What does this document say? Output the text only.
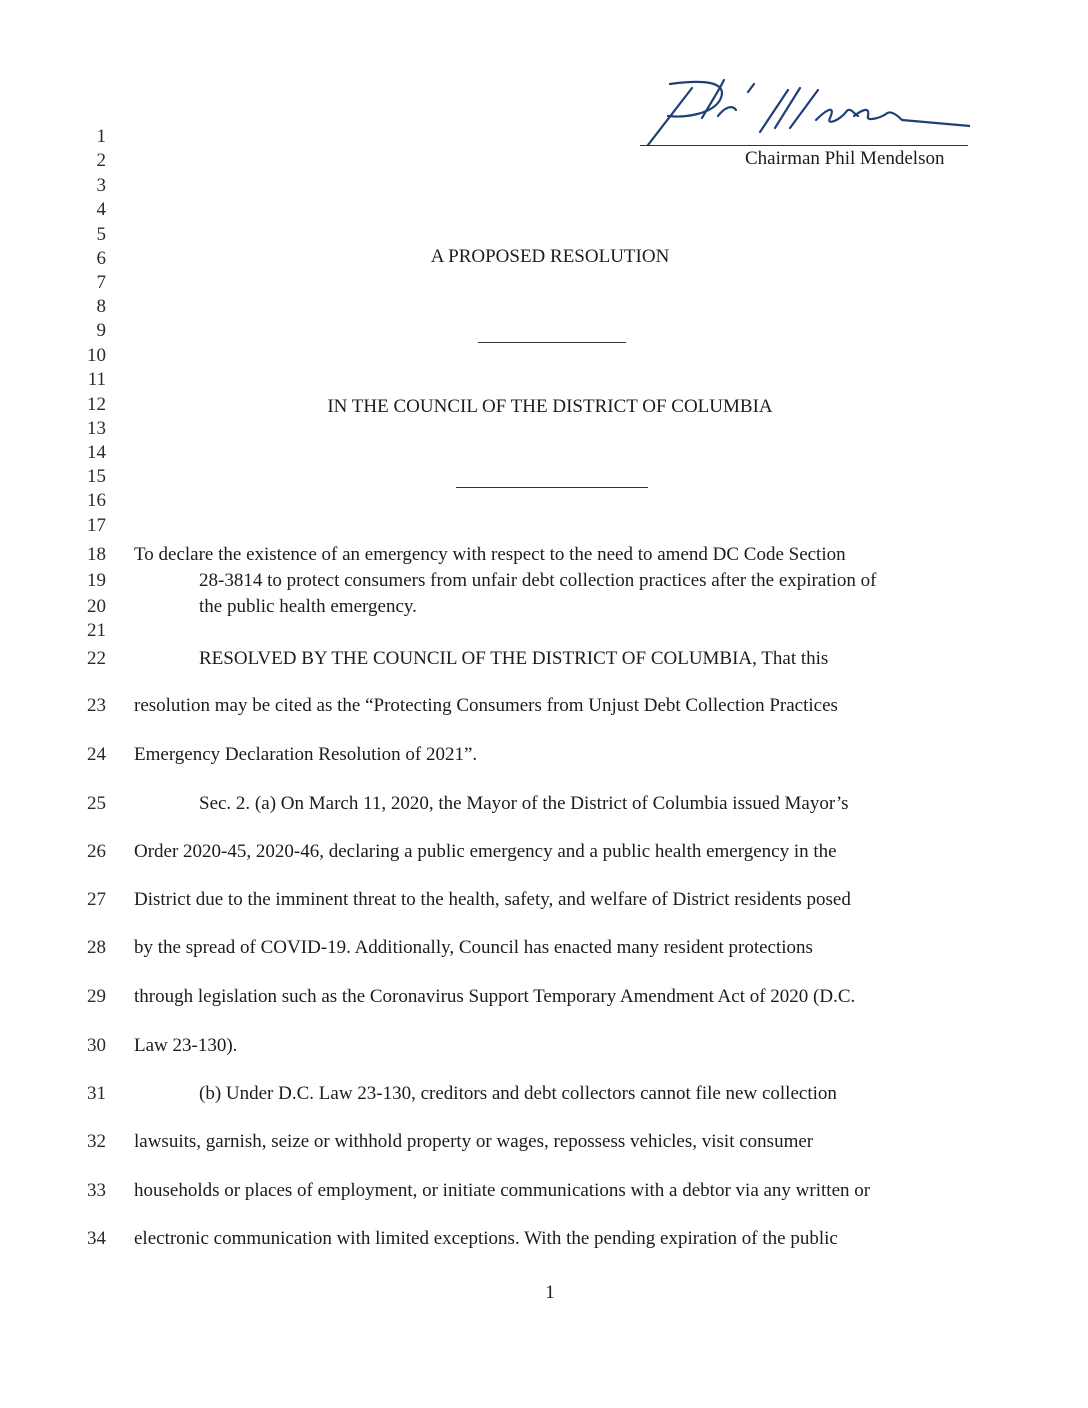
Chairman Phil Mendelson
1
2
3
4
5
6
7
8
9
10
11
12
13
14
15
16
17
18
19
20
21
22
23
24
25
26
27
28
29
30
31
32
33
34
A PROPOSED RESOLUTION
IN THE COUNCIL OF THE DISTRICT OF COLUMBIA
To declare the existence of an emergency with respect to the need to amend DC Code Section
28-3814 to protect consumers from unfair debt collection practices after the expiration of
the public health emergency.
RESOLVED BY THE COUNCIL OF THE DISTRICT OF COLUMBIA, That this
resolution may be cited as the “Protecting Consumers from Unjust Debt Collection Practices
Emergency Declaration Resolution of 2021”.
Sec. 2. (a) On March 11, 2020, the Mayor of the District of Columbia issued Mayor’s
Order 2020-45, 2020-46, declaring a public emergency and a public health emergency in the
District due to the imminent threat to the health, safety, and welfare of District residents posed
by the spread of COVID-19. Additionally, Council has enacted many resident protections
through legislation such as the Coronavirus Support Temporary Amendment Act of 2020 (D.C.
Law 23-130).
(b) Under D.C. Law 23-130, creditors and debt collectors cannot file new collection
lawsuits, garnish, seize or withhold property or wages, repossess vehicles, visit consumer
households or places of employment, or initiate communications with a debtor via any written or
electronic communication with limited exceptions. With the pending expiration of the public
1
